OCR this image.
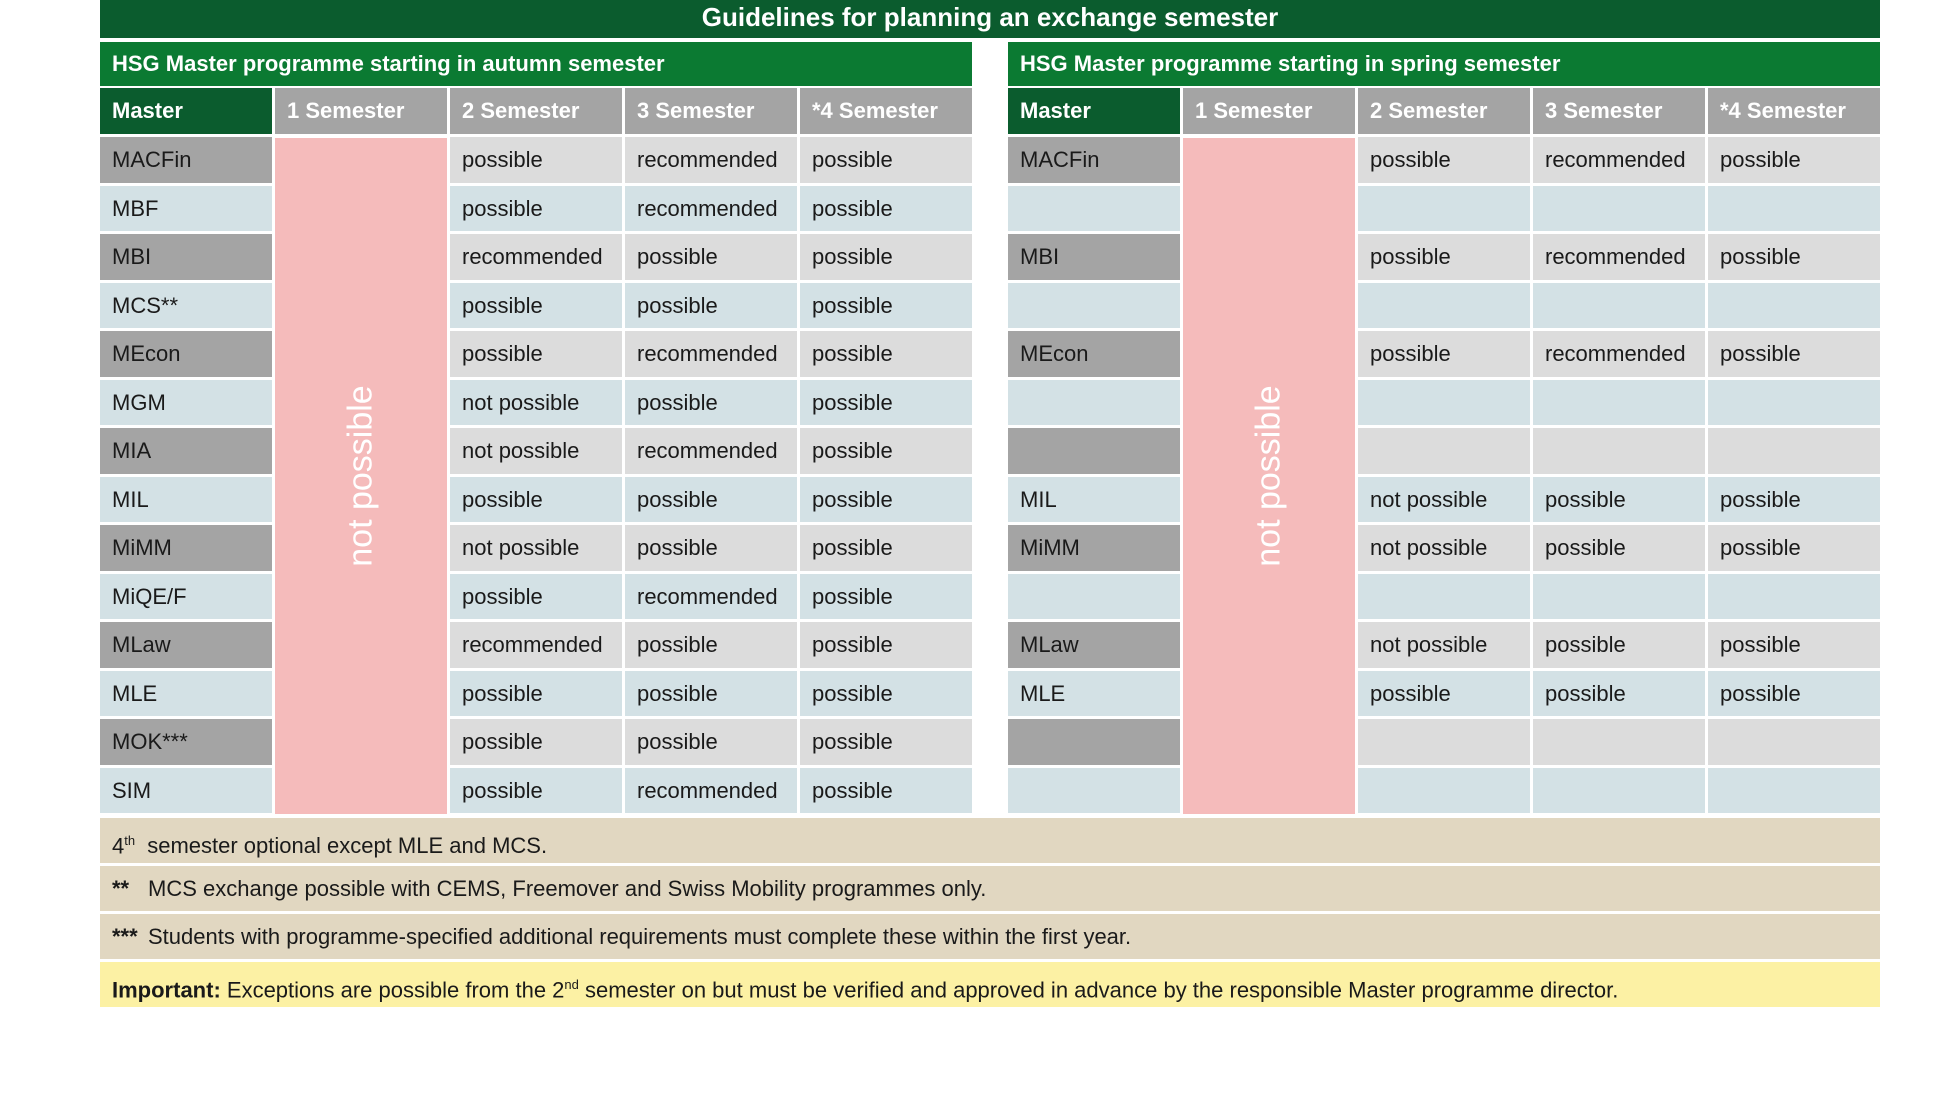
Guidelines for planning an exchange semester
HSG Master programme starting in autumn semester
Master	1 Semester	2 Semester	3 Semester	*4 Semester
MACFin	possible	recommended	possible
MBF	possible	recommended	possible
MBI	recommended	possible	possible
MCS**	possible	possible	possible
MEcon	possible	recommended	possible
MGM	not possible	possible	possible
MIA	not possible	recommended	possible
MIL	possible	possible	possible
MiMM	not possible	possible	possible
MiQE/F	possible	recommended	possible
MLaw	recommended	possible	possible
MLE	possible	possible	possible
MOK***	possible	possible	possible
SIM	possible	recommended	possible
not possible
HSG Master programme starting in spring semester
Master	1 Semester	2 Semester	3 Semester	*4 Semester
MACFin	possible	recommended	possible
MBI	possible	recommended	possible
MEcon	possible	recommended	possible
MIL	not possible	possible	possible
MiMM	not possible	possible	possible
MLaw	not possible	possible	possible
MLE	possible	possible	possible
not possible
4th semester optional except MLE and MCS.
** MCS exchange possible with CEMS, Freemover and Swiss Mobility programmes only.
*** Students with programme-specified additional requirements must complete these within the first year.
Important: Exceptions are possible from the 2nd semester on but must be verified and approved in advance by the responsible Master programme director.
